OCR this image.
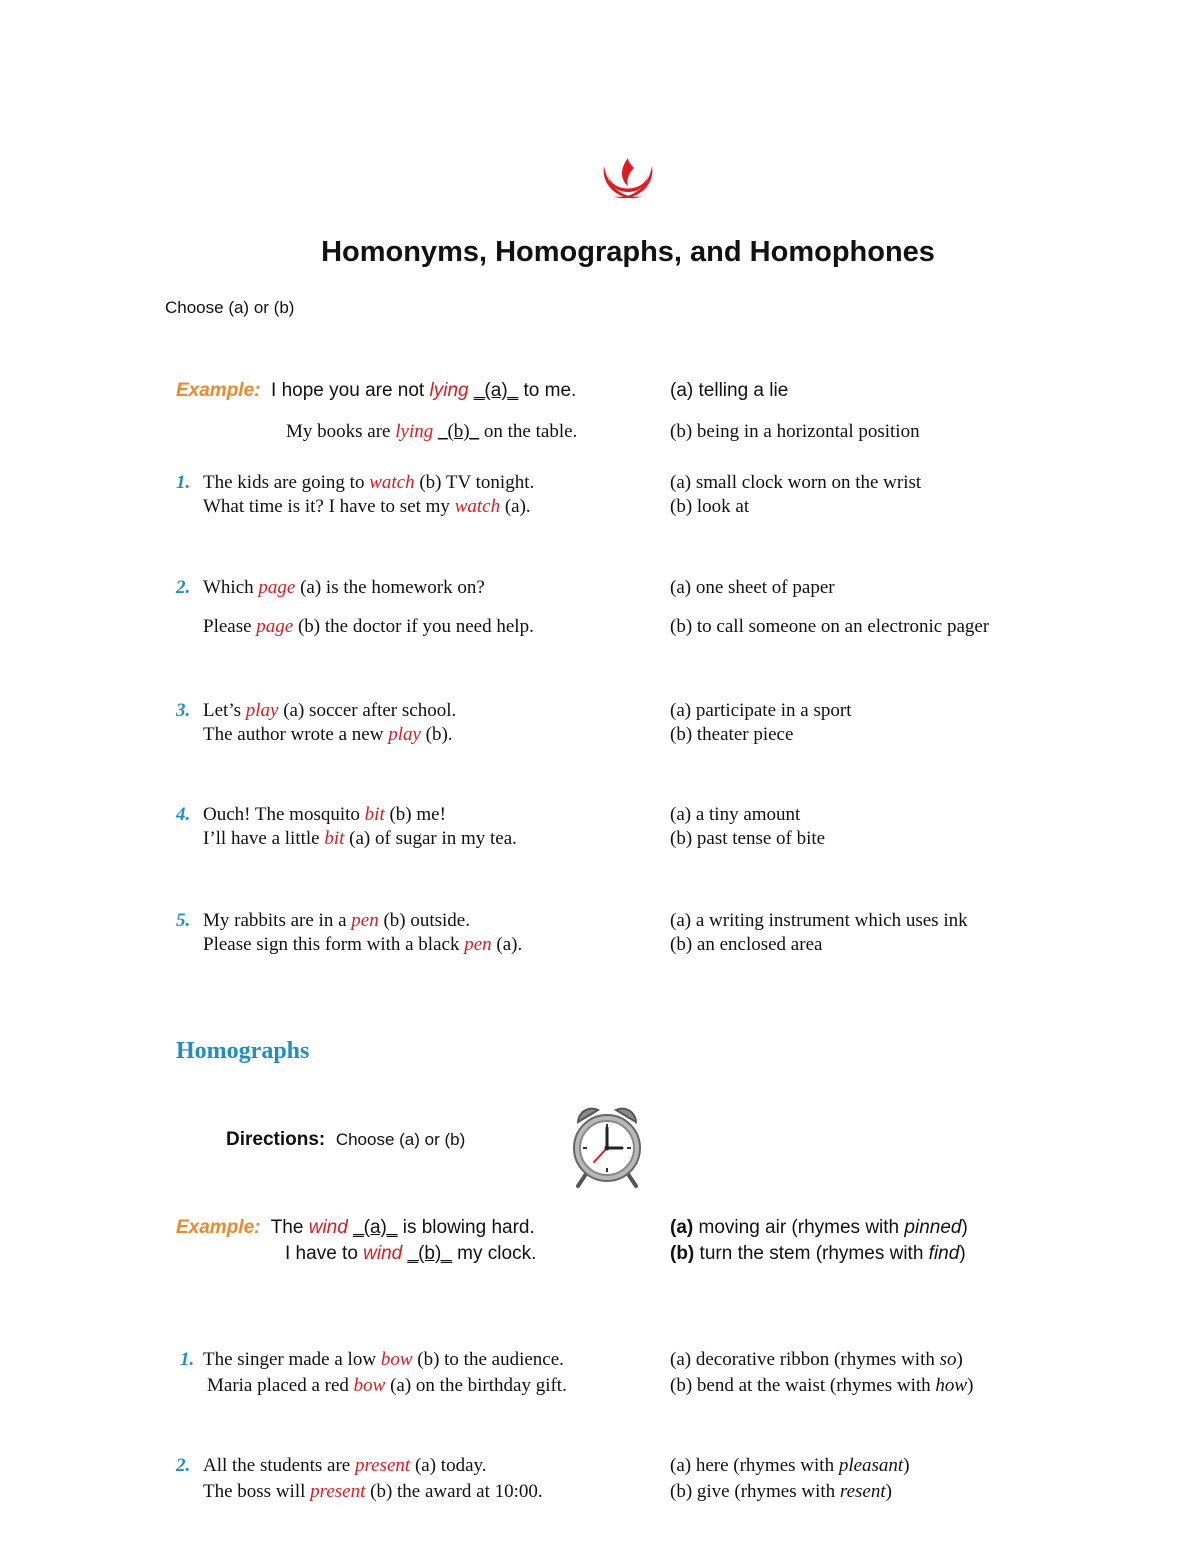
Homonyms, Homographs, and Homophones
Choose (a) or (b)
Example: I hope you are not lying _(a)_ to me.	(a) telling a lie
My books are lying _(b)_ on the table.	(b) being in a horizontal position
1. The kids are going to watch (b) TV tonight.
What time is it? I have to set my watch (a).
(a) small clock worn on the wrist
(b) look at
2. Which page (a) is the homework on?
Please page (b) the doctor if you need help.
(a) one sheet of paper
(b) to call someone on an electronic pager
3. Let’s play (a) soccer after school.
The author wrote a new play (b).
(a) participate in a sport
(b) theater piece
4. Ouch! The mosquito bit (b) me!
I’ll have a little bit (a) of sugar in my tea.
(a) a tiny amount
(b) past tense of bite
5. My rabbits are in a pen (b) outside.
Please sign this form with a black pen (a).
(a) a writing instrument which uses ink
(b) an enclosed area
Homographs
Directions: Choose (a) or (b)
Example: The wind _(a)_ is blowing hard.
I have to wind _(b)_ my clock.
(a) moving air (rhymes with pinned)
(b) turn the stem (rhymes with find)
1. The singer made a low bow (b) to the audience.
Maria placed a red bow (a) on the birthday gift.
(a) decorative ribbon (rhymes with so)
(b) bend at the waist (rhymes with how)
2. All the students are present (a) today.
The boss will present (b) the award at 10:00.
(a) here (rhymes with pleasant)
(b) give (rhymes with resent)
